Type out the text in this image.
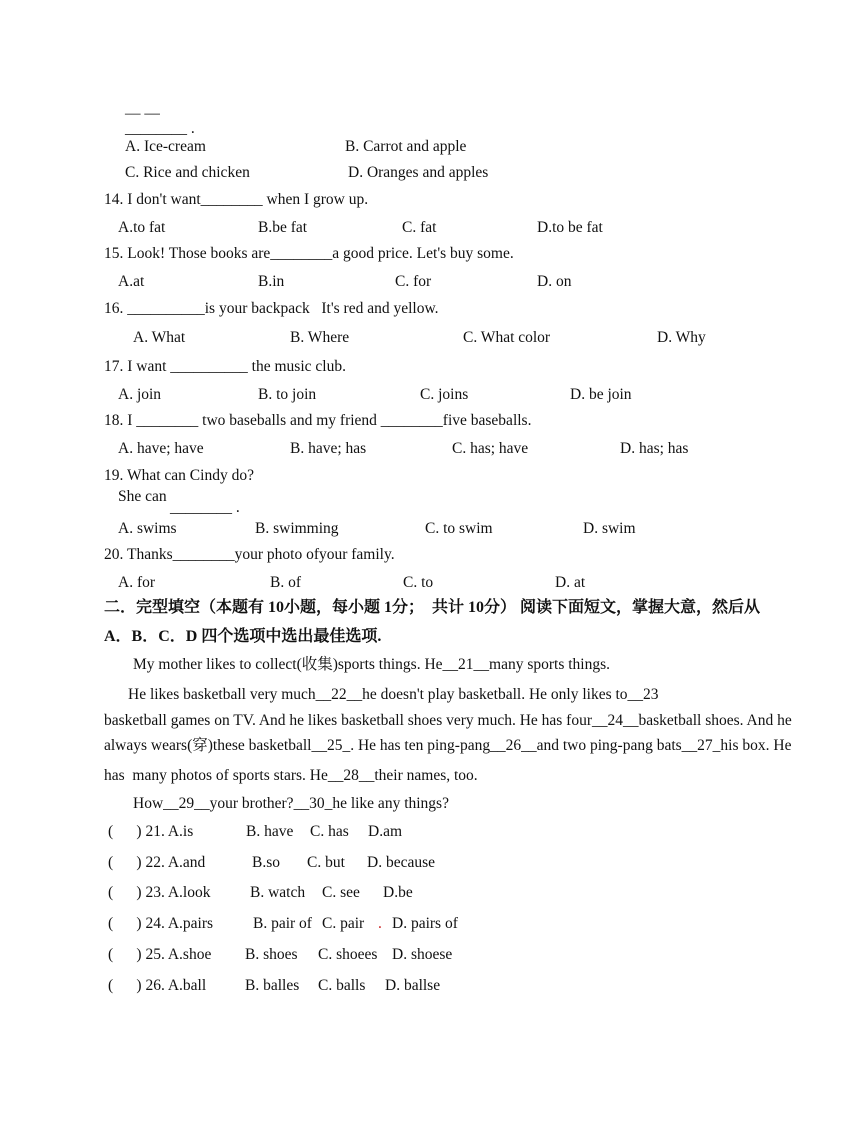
— —
________ .
A. Ice-cream	B. Carrot and apple
C. Rice and chicken	D. Oranges and apples
14. I don't want________ when I grow up.
A.to fat	B.be fat	C. fat	D.to be fat
15. Look! Those books are________a good price. Let's buy some.
A.at	B.in	C. for	D. on
16. __________is your backpack   It's red and yellow.
A. What	B. Where	C. What color	D. Why
17. I want __________ the music club.
A. join	B. to join	C. joins	D. be join
18. I ________ two baseballs and my friend ________five baseballs.
A. have; have	B. have; has	C. has; have	D. has; has
19. What can Cindy do?
She can
________ .
A. swims	B. swimming	C. to swim	D. swim
20. Thanks________your photo ofyour family.
A. for	B. of	C. to	D. at
二．完型填空（本题有 10小题，每小题 1分；  共计 10分） 阅读下面短文，掌握大意，然后从
A．B．C．D 四个选项中选出最佳选项.
My mother likes to collect(收集)sports things. He__21__many sports things.
He likes basketball very much__22__he doesn't play basketball. He only likes to__23
basketball games on TV. And he likes basketball shoes very much. He has four__24__basketball shoes. And he
always wears(穿)these basketball__25_. He has ten ping-pang__26__and two ping-pang bats__27_his box. He
has  many photos of sports stars. He__28__their names, too.
How__29__your brother?__30_he like any things?
(      ) 21. A.is	B. have C. has D.am
(      ) 22. A.and	B.so C. but D. because
(      ) 23. A.look	B. watch C. see D.be
(      ) 24. A.pairs	B. pair of C. pair . D. pairs of
(      ) 25. A.shoe B. shoes C. shoees D. shoese
(      ) 26. A.ball	B. balles C. balls D. ballse
